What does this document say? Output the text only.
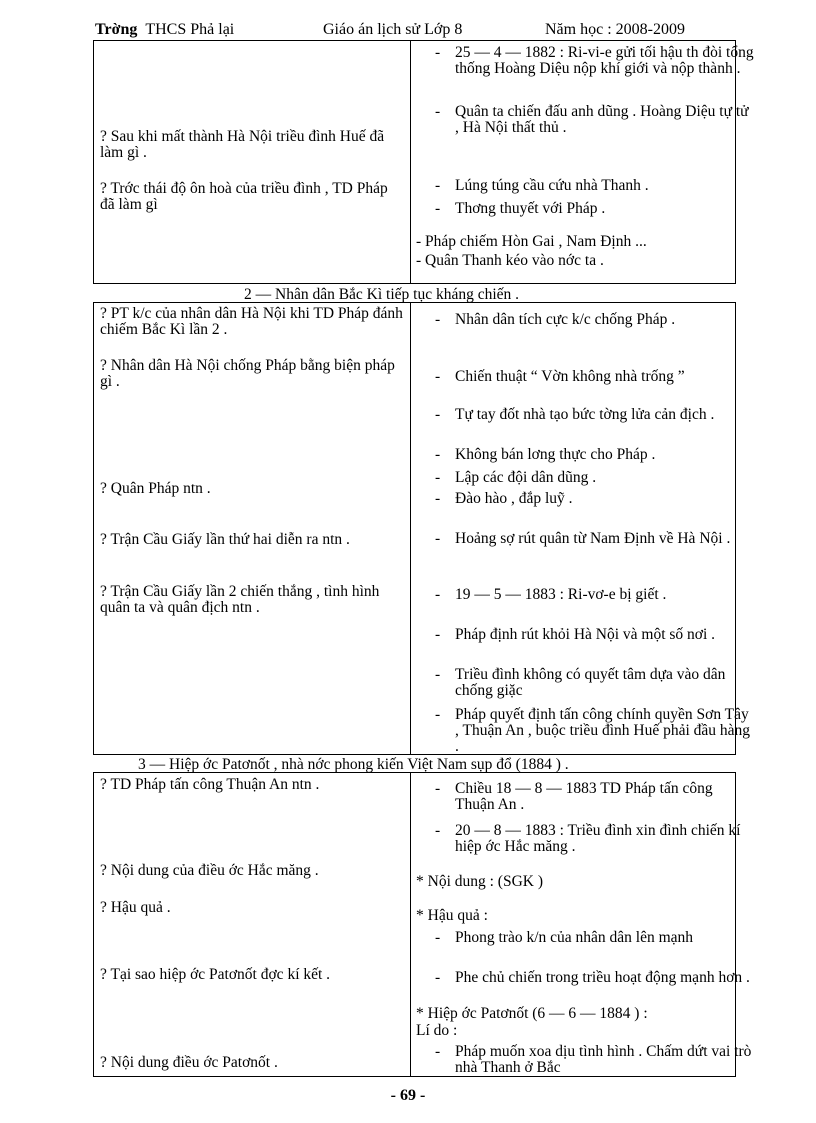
Trờng THCS Phả lại	Giáo án lịch sử Lớp 8	Năm học : 2008-2009
? Sau khi mất thành Hà Nội triều đình Huế đã làm gì .
? Trớc thái độ ôn hoà của triều đình , TD Pháp đã làm gì
- 25 — 4 — 1882 : Ri-vi-e gửi tối hậu th đòi tổng thống Hoàng Diệu nộp khí giới và nộp thành .
- Quân ta chiến đấu anh dũng . Hoàng Diệu tự tử , Hà Nội thất thủ .
- Lúng túng cầu cứu nhà Thanh .
- Thơng thuyết với Pháp .
- Pháp chiếm Hòn Gai , Nam Định ...
- Quân Thanh kéo vào nớc ta .
2 — Nhân dân Bắc Kì tiếp tục kháng chiến .
? PT k/c của nhân dân Hà Nội khi TD Pháp đánh chiếm Bắc Kì lần 2 .
? Nhân dân Hà Nội chống Pháp bằng biện pháp gì .
? Quân Pháp ntn .
? Trận Cầu Giấy lần thứ hai diễn ra ntn .
? Trận Cầu Giấy lần 2 chiến thắng , tình hình quân ta và quân địch ntn .
- Nhân dân tích cực k/c chống Pháp .
- Chiến thuật “ Vờn không nhà trống ”
- Tự tay đốt nhà tạo bức tờng lửa cản địch .
- Không bán lơng thực cho Pháp .
- Lập các đội dân dũng .
- Đào hào , đắp luỹ .
- Hoảng sợ rút quân từ Nam Định về Hà Nội .
- 19 — 5 — 1883 : Ri-vơ-e bị giết .
- Pháp định rút khỏi Hà Nội và một số nơi .
- Triều đình không có quyết tâm dựa vào dân chống giặc
- Pháp quyết định tấn công chính quyền Sơn Tây , Thuận An , buộc triều đình Huế phải đầu hàng .
3 — Hiệp ớc Patơnốt , nhà nớc phong kiến Việt Nam sụp đổ (1884 ) .
? TD Pháp tấn công Thuận An ntn .
? Nội dung của điều ớc Hắc măng .
? Hậu quả .
? Tại sao hiệp ớc Patơnốt đợc kí kết .
? Nội dung điều ớc Patơnốt .
- Chiều 18 — 8 — 1883 TD Pháp tấn công Thuận An .
- 20 — 8 — 1883 : Triều đình xin đình chiến kí hiệp ớc Hắc măng .
* Nội dung : (SGK )
* Hậu quả :
- Phong trào k/n của nhân dân lên mạnh
- Phe chủ chiến trong triều hoạt động mạnh hơn .
* Hiệp ớc Patơnốt (6 — 6 — 1884 ) :
Lí do :
- Pháp muốn xoa dịu tình hình . Chấm dứt vai trò nhà Thanh ở Bắc
- 69 -
